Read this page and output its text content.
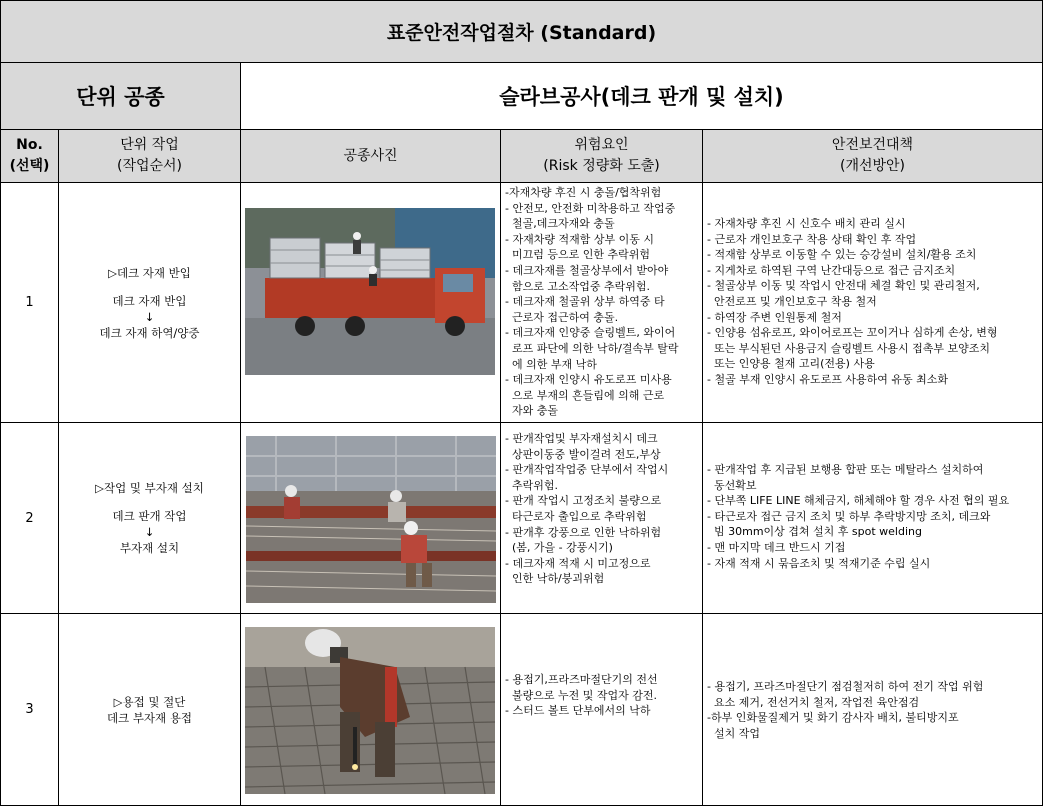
표준안전작업절차 (Standard)
단위 공종	슬라브공사(데크 판개 및 설치)
No.
(선택)
단위 작업
(작업순서)
공종사진
위험요인
(Risk 정량화 도출)
안전보건대책
(개선방안)
1
▷데크 자재 반입
데크 자재 반입
↓
데크 자재 하역/양중
-자재차량 후진 시 충돌/협착위험
- 안전모, 안전화 미착용하고 작업중
철골,데크자재와 충돌
- 자재차량 적재함 상부 이동 시
미끄럼 등으로 인한 추락위험
- 데크자재를 철골상부에서 받아야
함으로 고소작업중 추락위험.
- 데크자재 철골위 상부 하역중 타
근로자 접근하여 충돌.
- 데크자재 인양중 슬링벨트, 와이어
로프 파단에 의한 낙하/결속부 탈락
에 의한 부재 낙하
- 데크자재 인양시 유도로프 미사용
으로 부재의 흔들림에 의해 근로
자와 충돌
- 자재차량 후진 시 신호수 배치 관리 실시
- 근로자 개인보호구 착용 상태 확인 후 작업
- 적재함 상부로 이동할 수 있는 승강설비 설치/활용 조치
- 지게차로 하역된 구역 난간대등으로 접근 금지조치
- 철골상부 이동 및 작업시 안전대 체결 확인 및 관리철저,
안전로프 및 개인보호구 착용 철저
- 하역장 주변 인원통제 철저
- 인양용 섬유로프, 와이어로프는 꼬이거나 심하게 손상, 변형
또는 부식된던 사용금지 슬링벨트 사용시 접촉부 보양조치
또는 인양용 철재 고리(전용) 사용
- 철골 부재 인양시 유도로프 사용하여 유동 최소화
2
▷작업 및 부자재 설치
데크 판개 작업
↓
부자재 설치
- 판개작업및 부자재설치시 데크
상판이동중 발이걸려 전도,부상
- 판개작업작업중 단부에서 작업시
추락위험.
- 판개 작업시 고정조치 불량으로
타근로자 출입으로 추락위험
- 판개후 강풍으로 인한 낙하위험
(봄, 가을 - 강풍시기)
- 데크자재 적재 시 미고정으로
인한 낙하/붕괴위험
- 판개작업 후 지급된 보행용 합판 또는 메탈라스 설치하여
동선확보
- 단부쪽 LIFE LINE 해체금지, 해체해야 할 경우 사전 협의 필요
- 타근로자 접근 금지 조치 및 하부 추락방지망 조치, 데크와
빔 30mm이상 겹쳐 설치 후 spot welding
- 맨 마지막 데크 반드시 기접
- 자재 적재 시 묶음조치 및 적재기준 수립 실시
3
▷용접 및 절단
데크 부자재 용접
- 용접기,프라즈마절단기의 전선
불량으로 누전 및 작업자 감전.
- 스터드 볼트 단부에서의 낙하
- 용접기, 프라즈마절단기 점검철저히 하여 전기 작업 위험
요소 제거, 전선거치 철저, 작업전 육안점검
-하부 인화물질제거 및 화기 감사자 배치, 불티방지포
설치 작업
